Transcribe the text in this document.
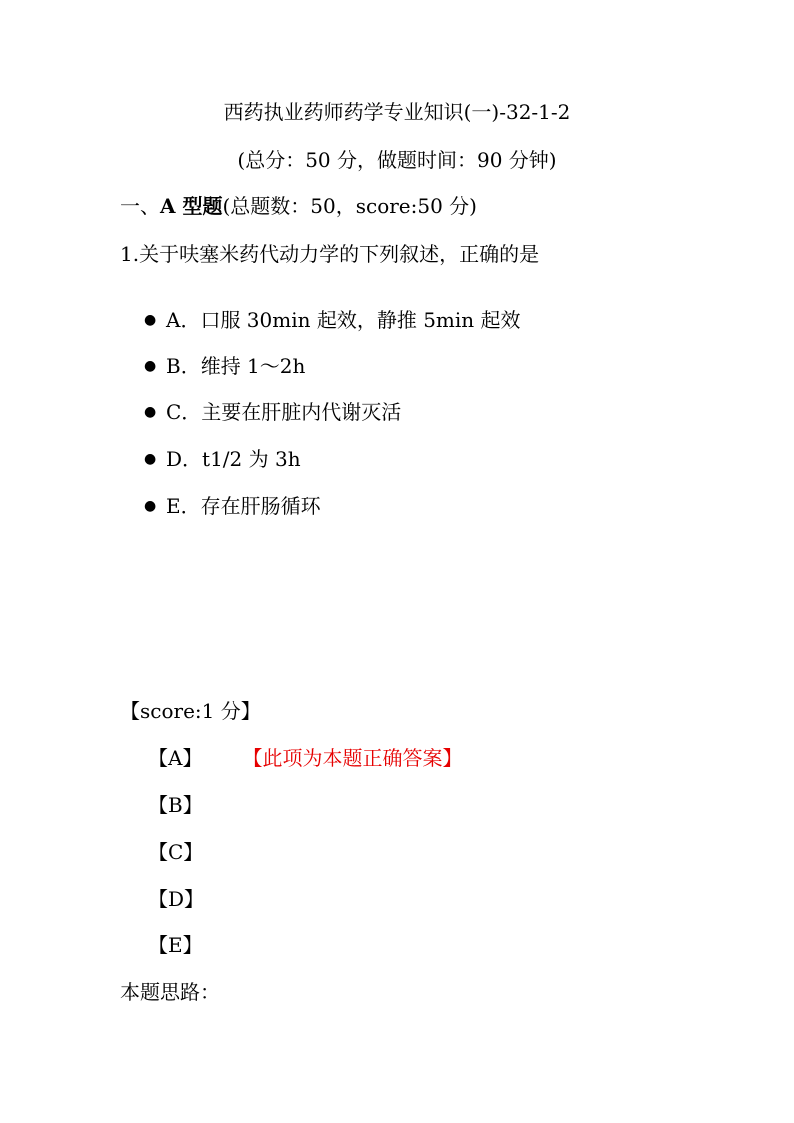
西药执业药师药学专业知识(一)-32-1-2
(总分：50 分，做题时间：90 分钟)
一、A 型题(总题数：50，score:50 分)
1.关于呋塞米药代动力学的下列叙述，正确的是
● A．口服 30min 起效，静推 5min 起效
● B．维持 1～2h
● C．主要在肝脏内代谢灭活
● D．t1/2 为 3h
● E．存在肝肠循环
【score:1 分】
【A】 【此项为本题正确答案】
【B】
【C】
【D】
【E】
本题思路：
